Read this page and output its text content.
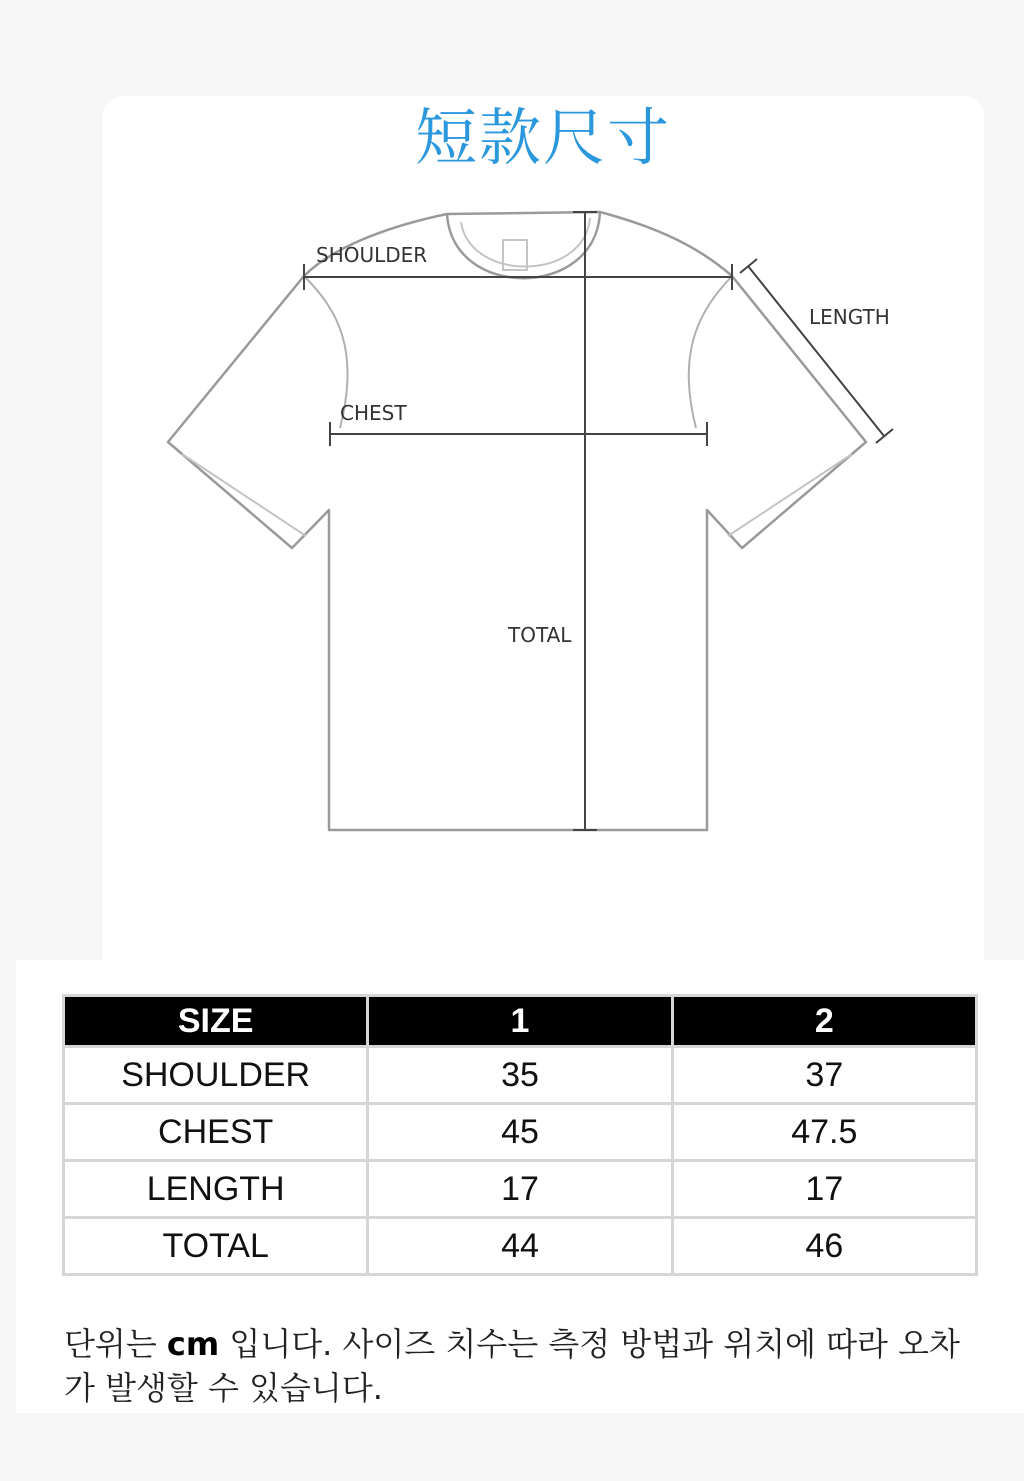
短款尺寸
SHOULDER
LENGTH
CHEST
TOTAL
SIZE	1	2
SHOULDER	35	37
CHEST	45	47.5
LENGTH	17	17
TOTAL	44	46
단위는 cm 입니다. 사이즈 치수는 측정 방법과 위치에 따라 오차가 발생할 수 있습니다.
